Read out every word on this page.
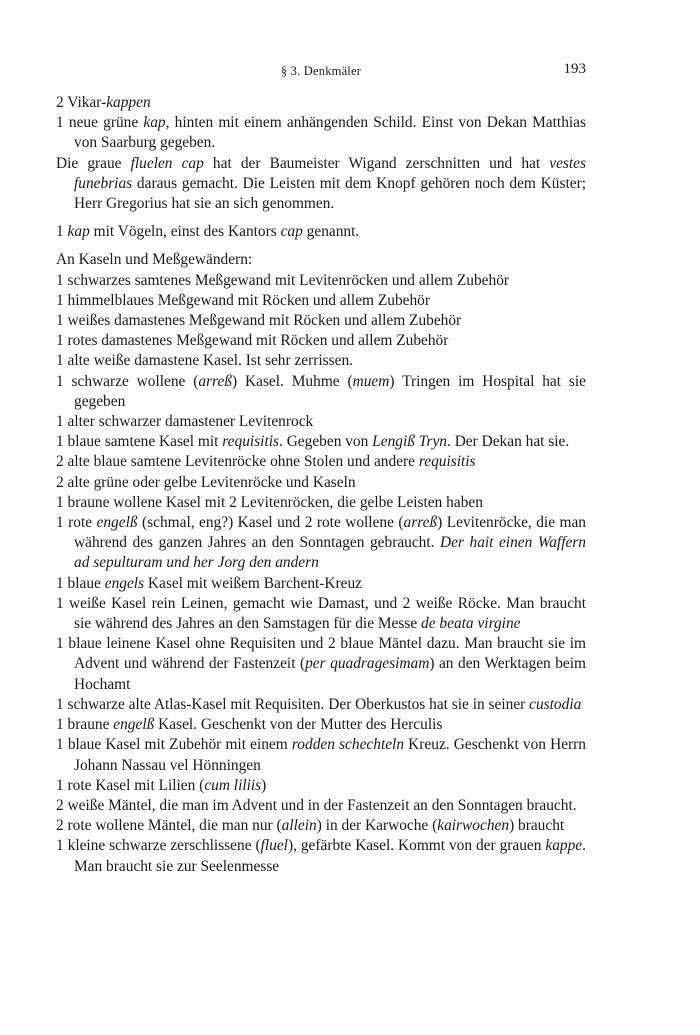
§ 3. Denkmäler	193

2 Vikar-kappen

1 neue grüne kap, hinten mit einem anhängenden Schild. Einst von Dekan Matthias von Saarburg gegeben.

Die graue fluelen cap hat der Baumeister Wigand zerschnitten und hat vestes funebrias daraus gemacht. Die Leisten mit dem Knopf gehören noch dem Küster; Herr Gregorius hat sie an sich genommen.

1 kap mit Vögeln, einst des Kantors cap genannt.

An Kaseln und Meßgewändern:

1 schwarzes samtenes Meßgewand mit Levitenröcken und allem Zubehör

1 himmelblaues Meßgewand mit Röcken und allem Zubehör

1 weißes damastenes Meßgewand mit Röcken und allem Zubehör

1 rotes damastenes Meßgewand mit Röcken und allem Zubehör

1 alte weiße damastene Kasel. Ist sehr zerrissen.

1 schwarze wollene (arreß) Kasel. Muhme (muem) Tringen im Hospital hat sie gegeben

1 alter schwarzer damastener Levitenrock

1 blaue samtene Kasel mit requisitis. Gegeben von Lengiß Tryn. Der Dekan hat sie.

2 alte blaue samtene Levitenröcke ohne Stolen und andere requisitis

2 alte grüne oder gelbe Levitenröcke und Kaseln

1 braune wollene Kasel mit 2 Levitenröcken, die gelbe Leisten haben

1 rote engelß (schmal, eng?) Kasel und 2 rote wollene (arreß) Levitenröcke, die man während des ganzen Jahres an den Sonntagen gebraucht. Der hait einen Waffern ad sepulturam und her Jorg den andern

1 blaue engels Kasel mit weißem Barchent-Kreuz

1 weiße Kasel rein Leinen, gemacht wie Damast, und 2 weiße Röcke. Man braucht sie während des Jahres an den Samstagen für die Messe de beata virgine

1 blaue leinene Kasel ohne Requisiten und 2 blaue Mäntel dazu. Man braucht sie im Advent und während der Fastenzeit (per quadragesimam) an den Werktagen beim Hochamt

1 schwarze alte Atlas-Kasel mit Requisiten. Der Oberkustos hat sie in seiner custodia

1 braune engelß Kasel. Geschenkt von der Mutter des Herculis

1 blaue Kasel mit Zubehör mit einem rodden schechteln Kreuz. Geschenkt von Herrn Johann Nassau vel Hönningen

1 rote Kasel mit Lilien (cum liliis)

2 weiße Mäntel, die man im Advent und in der Fastenzeit an den Sonntagen braucht.

2 rote wollene Mäntel, die man nur (allein) in der Karwoche (kairwochen) braucht

1 kleine schwarze zerschlissene (fluel), gefärbte Kasel. Kommt von der grauen kappe. Man braucht sie zur Seelenmesse
